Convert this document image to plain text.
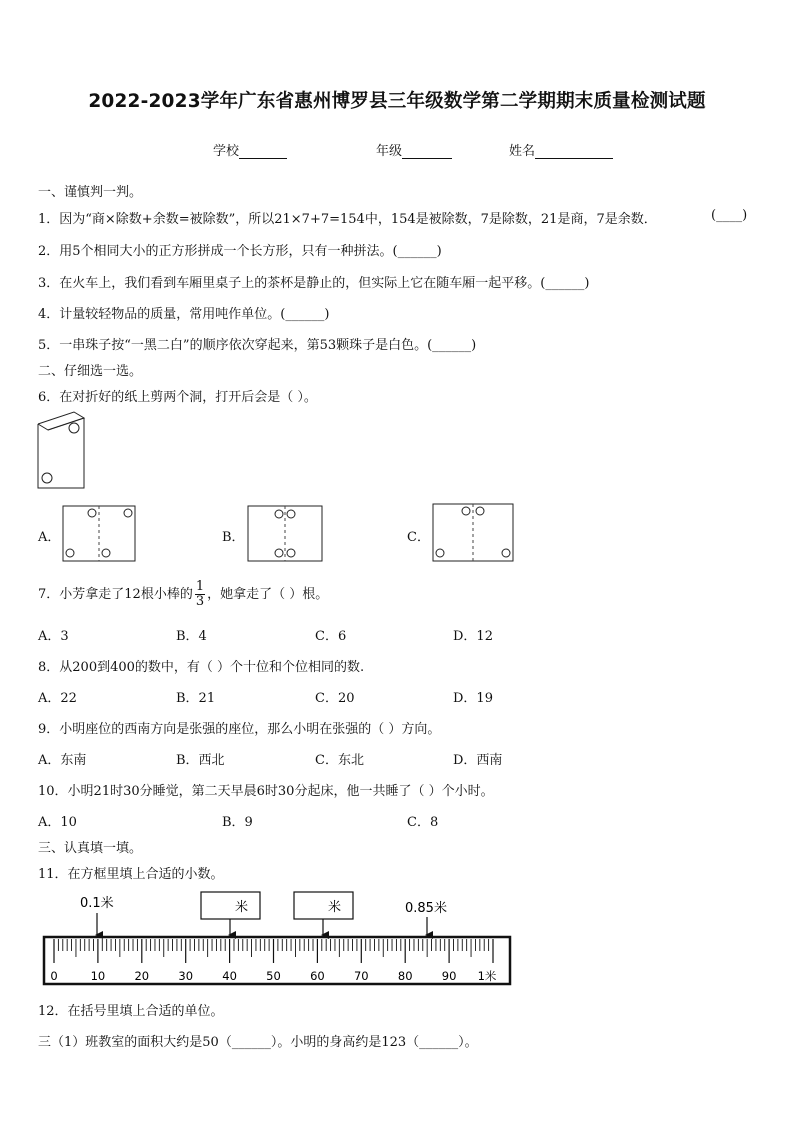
2022-2023学年广东省惠州博罗县三年级数学第二学期期末质量检测试题
学校	年级	姓名
一、谨慎判一判。
1．因为“商×除数+余数=被除数”，所以21×7+7=154中，154是被除数，7是除数，21是商，7是余数．	(____)
2．用5个相同大小的正方形拼成一个长方形，只有一种拼法。(______)
3．在火车上，我们看到车厢里桌子上的茶杯是静止的，但实际上它在随车厢一起平移。(______)
4．计量较轻物品的质量，常用吨作单位。(______)
5．一串珠子按“一黑二白”的顺序依次穿起来，第53颗珠子是白色。(______)
二、仔细选一选。
6．在对折好的纸上剪两个洞，打开后会是（ ）。
A．	B．	C．
7．小芳拿走了12根小棒的 $\frac{1}{3}$ ，她拿走了（ ）根。
A．3	B．4	C．6	D．12
8．从200到400的数中，有（ ）个十位和个位相同的数.
A．22	B．21	C．20	D．19
9．小明座位的西南方向是张强的座位，那么小明在张强的（ ）方向。
A．东南	B．西北	C．东北	D．西南
10．小明21时30分睡觉，第二天早晨6时30分起床，他一共睡了（ ）个小时。
A．10	B．9	C．8
三、认真填一填。
11．在方框里填上合适的小数。
0	10	20	30	40	50	60	70	80	90 1米
0.1米	米	米	0.85米
12．在括号里填上合适的单位。
三（1）班教室的面积大约是50（______）。小明的身高约是123（______）。
